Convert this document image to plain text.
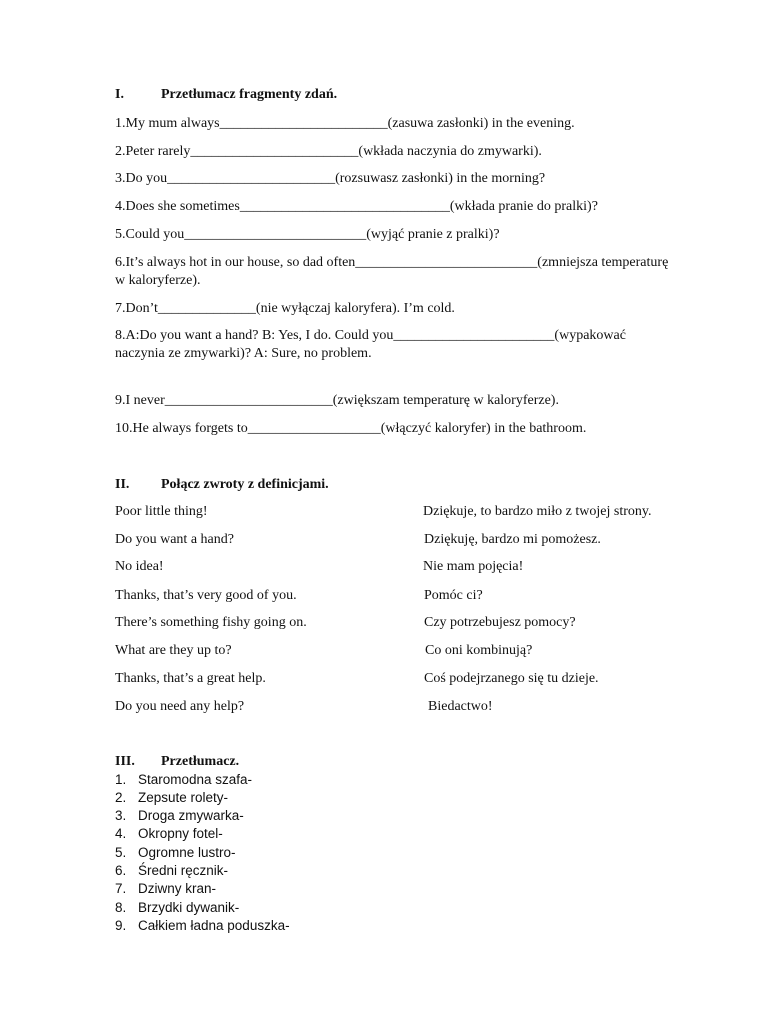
I.	Przetłumacz fragmenty zdań.
1.My mum always________________________(zasuwa zasłonki) in the evening.
2.Peter rarely________________________(wkłada naczynia do zmywarki).
3.Do you________________________(rozsuwasz zasłonki) in the morning?
4.Does she sometimes______________________________(wkłada pranie do pralki)?
5.Could you__________________________(wyjąć pranie z pralki)?
6.It’s always hot in our house, so dad often__________________________(zmniejsza temperaturę w kaloryferze).
7.Don’t______________(nie wyłączaj kaloryfera). I’m cold.
8.A:Do you want a hand? B: Yes, I do. Could you_______________________(wypakować naczynia ze zmywarki)? A: Sure, no problem.
9.I never________________________(zwiększam temperaturę w kaloryferze).
10.He always forgets to___________________(włączyć kaloryfer) in the bathroom.
II. Połącz zwroty z definicjami.
Poor little thing!
Do you want a hand?
No idea!
Thanks, that’s very good of you.
There’s something fishy going on.
What are they up to?
Thanks, that’s a great help.
Do you need any help?
Dziękuje, to bardzo miło z twojej strony.
Dziękuję, bardzo mi pomożesz.
Nie mam pojęcia!
Pomóc ci?
Czy potrzebujesz pomocy?
Co oni kombinują?
Coś podejrzanego się tu dzieje.
Biedactwo!
III. Przetłumacz.
1. Staromodna szafa-
2. Zepsute rolety-
3. Droga zmywarka-
4. Okropny fotel-
5. Ogromne lustro-
6. Średni ręcznik-
7. Dziwny kran-
8. Brzydki dywanik-
9. Całkiem ładna poduszka-
